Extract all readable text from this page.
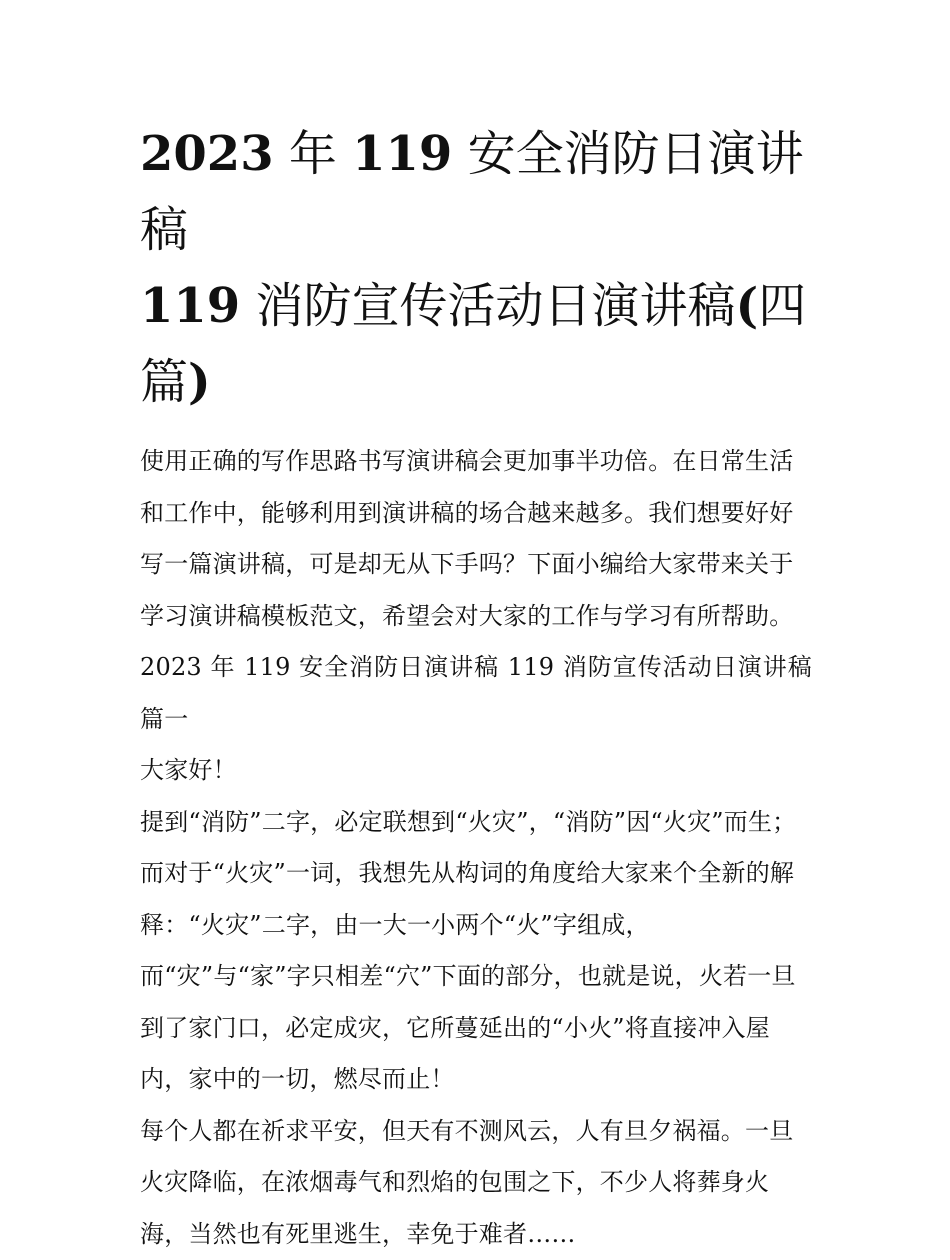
2023 年 119 安全消防日演讲稿
119 消防宣传活动日演讲稿(四
篇)
使用正确的写作思路书写演讲稿会更加事半功倍。在日常生活
和工作中，能够利用到演讲稿的场合越来越多。我们想要好好
写一篇演讲稿，可是却无从下手吗？下面小编给大家带来关于
学习演讲稿模板范文，希望会对大家的工作与学习有所帮助。
2023 年 119 安全消防日演讲稿 119 消防宣传活动日演讲稿篇一
大家好！
提到“消防”二字，必定联想到“火灾”，“消防”因“火灾”而生；
而对于“火灾”一词，我想先从构词的角度给大家来个全新的解
释：“火灾”二字，由一大一小两个“火”字组成，
而“灾”与“家”字只相差“穴”下面的部分，也就是说，火若一旦
到了家门口，必定成灾，它所蔓延出的“小火”将直接冲入屋
内，家中的一切，燃尽而止！
每个人都在祈求平安，但天有不测风云，人有旦夕祸福。一旦
火灾降临，在浓烟毒气和烈焰的包围之下，不少人将葬身火
海，当然也有死里逃生，幸免于难者……
